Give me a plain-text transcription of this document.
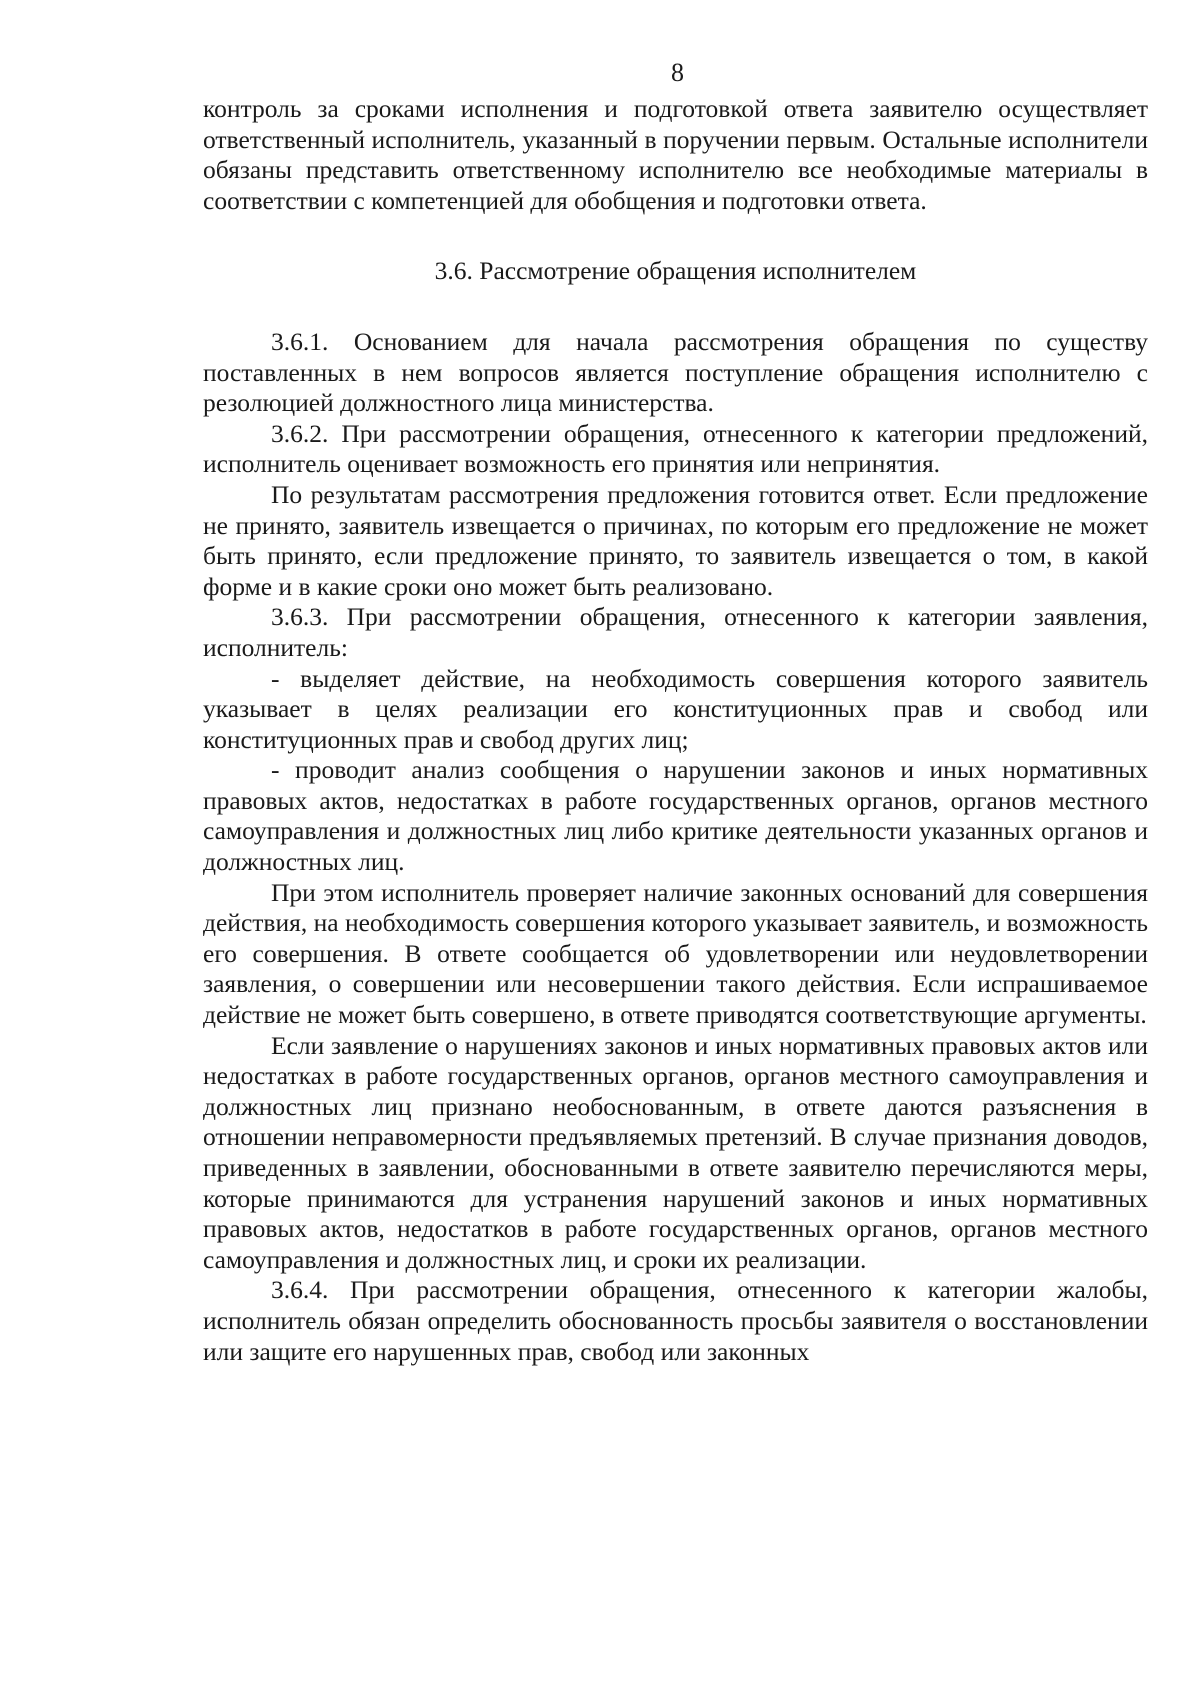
8

контроль за сроками исполнения и подготовкой ответа заявителю осуществляет ответственный исполнитель, указанный в поручении первым. Остальные исполнители обязаны представить ответственному исполнителю все необходимые материалы в соответствии с компетенцией для обобщения и подготовки ответа.

3.6. Рассмотрение обращения исполнителем

3.6.1. Основанием для начала рассмотрения обращения по существу поставленных в нем вопросов является поступление обращения исполнителю с резолюцией должностного лица министерства.

3.6.2. При рассмотрении обращения, отнесенного к категории предложений, исполнитель оценивает возможность его принятия или непринятия.

По результатам рассмотрения предложения готовится ответ. Если предложение не принято, заявитель извещается о причинах, по которым его предложение не может быть принято, если предложение принято, то заявитель извещается о том, в какой форме и в какие сроки оно может быть реализовано.

3.6.3. При рассмотрении обращения, отнесенного к категории заявления, исполнитель:

- выделяет действие, на необходимость совершения которого заявитель указывает в целях реализации его конституционных прав и свобод или конституционных прав и свобод других лиц;

- проводит анализ сообщения о нарушении законов и иных нормативных правовых актов, недостатках в работе государственных органов, органов местного самоуправления и должностных лиц либо критике деятельности указанных органов и должностных лиц.

При этом исполнитель проверяет наличие законных оснований для совершения действия, на необходимость совершения которого указывает заявитель, и возможность его совершения. В ответе сообщается об удовлетворении или неудовлетворении заявления, о совершении или несовершении такого действия. Если испрашиваемое действие не может быть совершено, в ответе приводятся соответствующие аргументы.

Если заявление о нарушениях законов и иных нормативных правовых актов или недостатках в работе государственных органов, органов местного самоуправления и должностных лиц признано необоснованным, в ответе даются разъяснения в отношении неправомерности предъявляемых претензий. В случае признания доводов, приведенных в заявлении, обоснованными в ответе заявителю перечисляются меры, которые принимаются для устранения нарушений законов и иных нормативных правовых актов, недостатков в работе государственных органов, органов местного самоуправления и должностных лиц, и сроки их реализации.

3.6.4. При рассмотрении обращения, отнесенного к категории жалобы, исполнитель обязан определить обоснованность просьбы заявителя о восстановлении или защите его нарушенных прав, свобод или законных
